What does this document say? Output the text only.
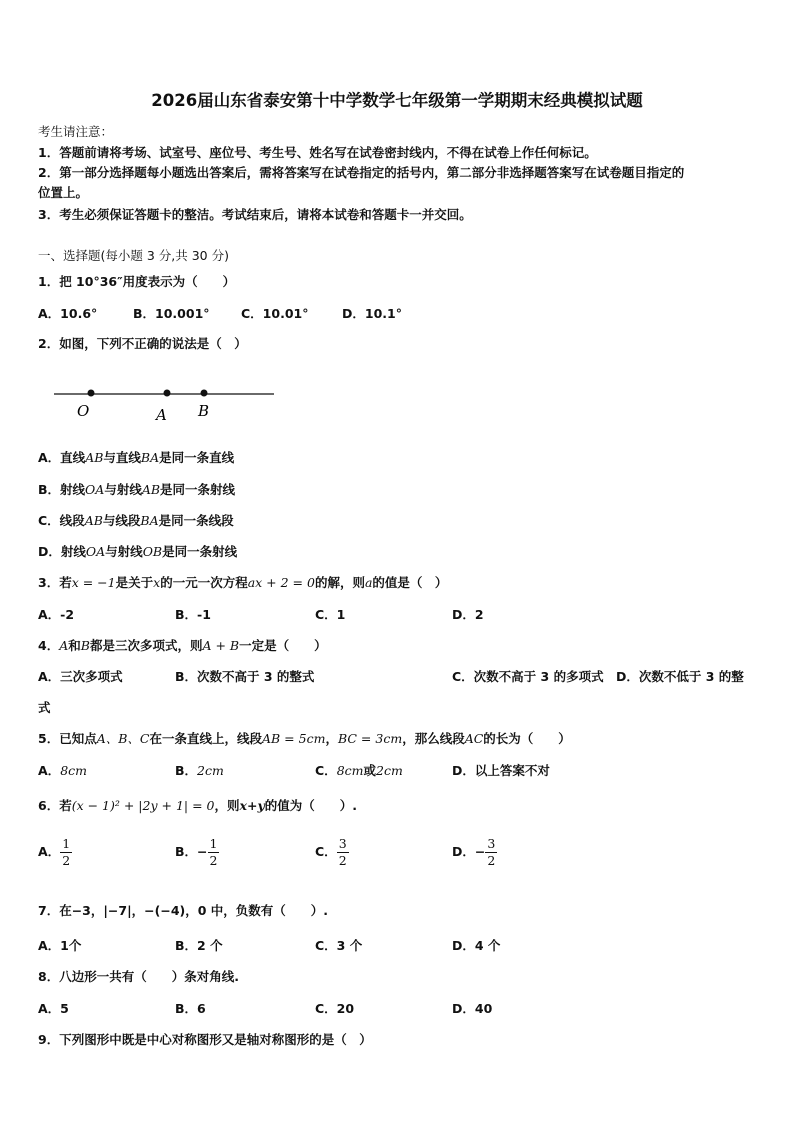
2026届山东省泰安第十中学数学七年级第一学期期末经典模拟试题
考生请注意：
1．答题前请将考场、试室号、座位号、考生号、姓名写在试卷密封线内，不得在试卷上作任何标记。
2．第一部分选择题每小题选出答案后，需将答案写在试卷指定的括号内，第二部分非选择题答案写在试卷题目指定的
位置上。
3．考生必须保证答题卡的整洁。考试结束后，请将本试卷和答题卡一并交回。
一、选择题(每小题 3 分,共 30 分)
1．把 10°36″用度表示为（　　）
A．10.6°	B．10.001°	C．10.01°	D．10.1°
2．如图，下列不正确的说法是（　）
O	A B
A．直线AB与直线BA是同一条直线
B．射线OA与射线AB是同一条射线
C．线段AB与线段BA是同一条线段
D．射线OA与射线OB是同一条射线
3．若x = −1是关于x的一元一次方程ax + 2 = 0的解，则a的值是（　）
A．-2	B．-1	C．1	D．2
4．A和B都是三次多项式，则A + B一定是（　　）
A．三次多项式	B．次数不高于 3 的整式	C．次数不高于 3 的多项式 D．次数不低于 3 的整
式
5．已知点A、B、C在一条直线上，线段AB = 5cm，BC = 3cm，那么线段AC的长为（　　）
A．8cm	B．2cm	C．8cm或2cm	D．以上答案不对
6．若(x − 1)² + |2y + 1| = 0，则x+y的值为（　　）.
A． $\frac{1}{2}$	B．− $\frac{1}{2}$	C． $\frac{3}{2}$	D．− $\frac{3}{2}$
7．在−3，|−7|，−(−4)，0 中，负数有（　　）.
A．1个	B．2 个	C．3 个	D．4 个
8．八边形一共有（　　）条对角线.
A．5	B．6	C．20	D．40
9．下列图形中既是中心对称图形又是轴对称图形的是（　）
